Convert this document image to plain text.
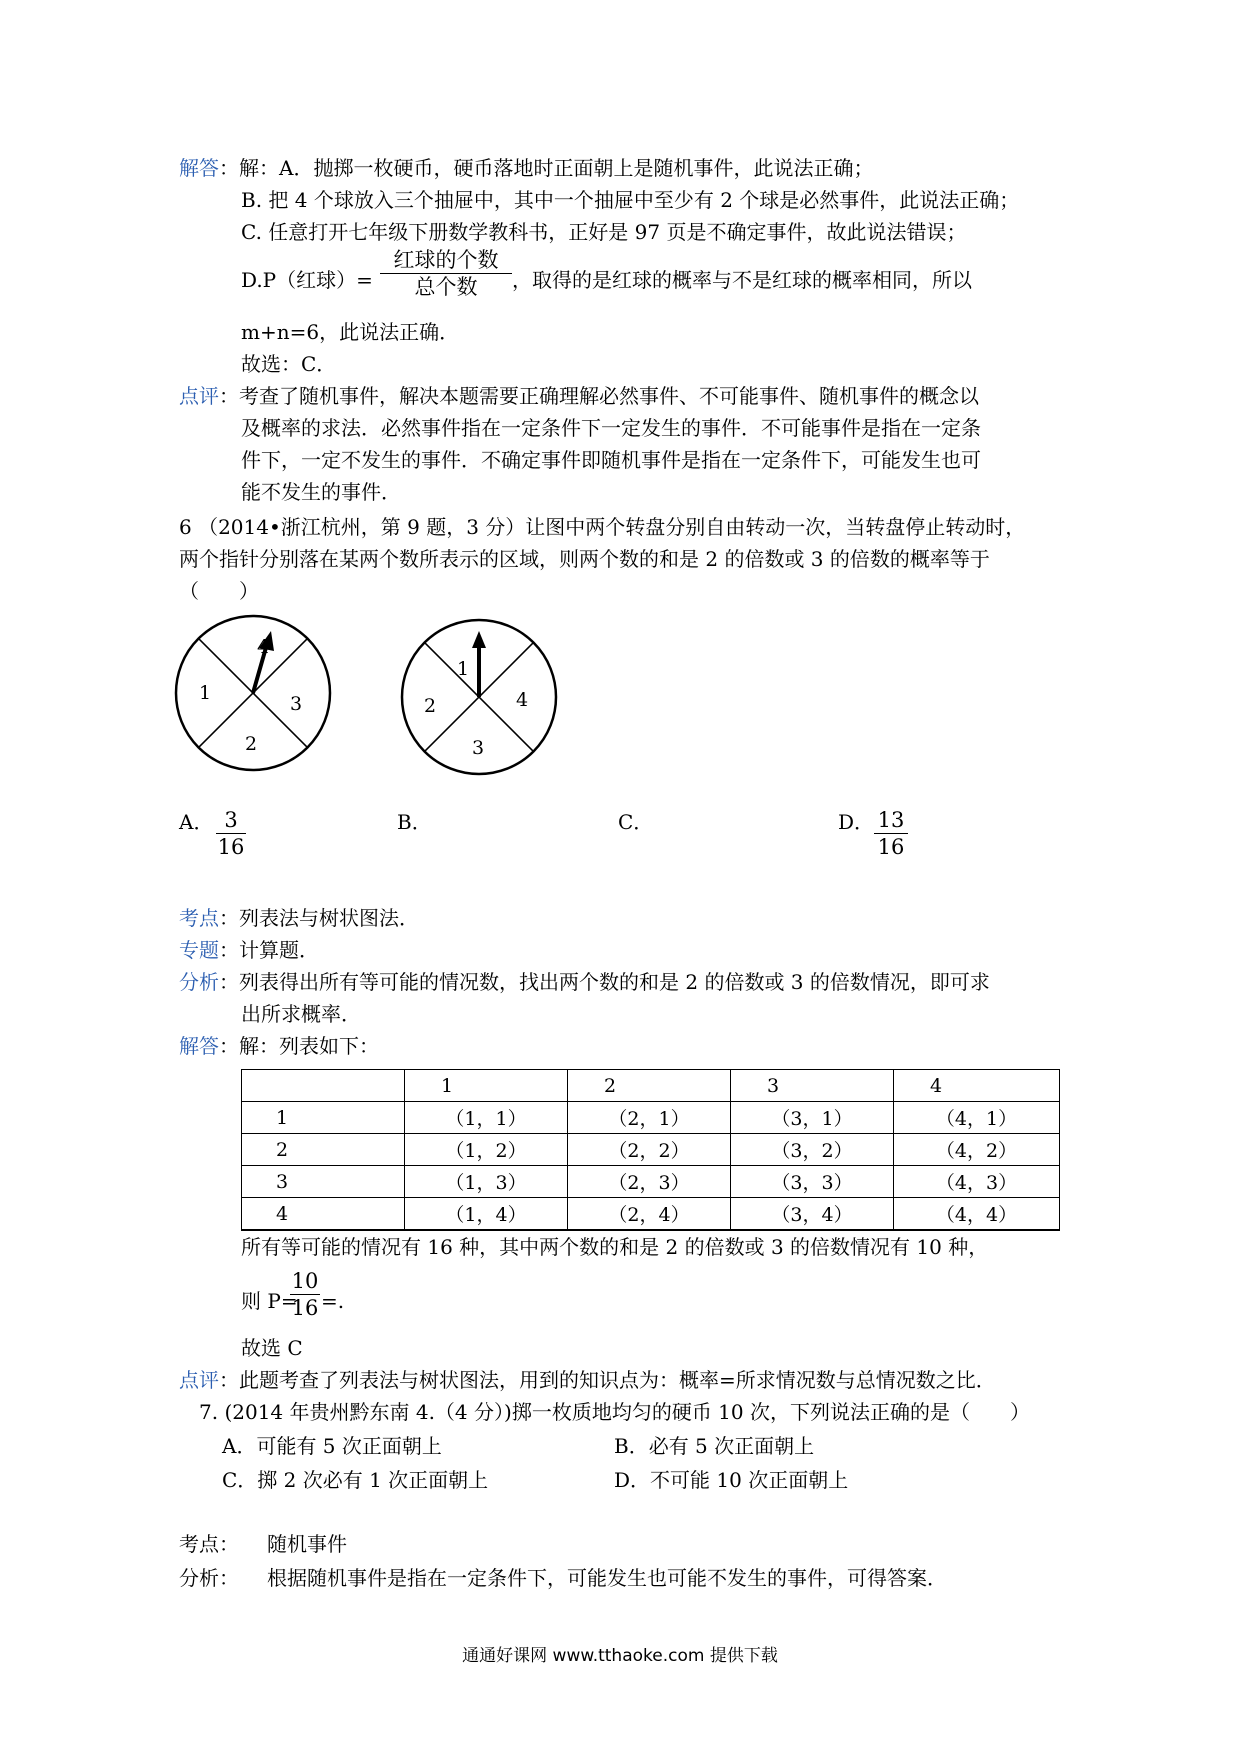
解答：解：A．抛掷一枚硬币，硬币落地时正面朝上是随机事件，此说法正确；
B. 把 4 个球放入三个抽屉中，其中一个抽屉中至少有 2 个球是必然事件，此说法正确；
C. 任意打开七年级下册数学教科书，正好是 97 页是不确定事件，故此说法错误；
D.P（红球）=
红球的个数
总个数	，取得的是红球的概率与不是红球的概率相同，所以
m+n=6，此说法正确．
故选：C．
点评：考查了随机事件，解决本题需要正确理解必然事件、不可能事件、随机事件的概念以
及概率的求法．必然事件指在一定条件下一定发生的事件．不可能事件是指在一定条
件下，一定不发生的事件．不确定事件即随机事件是指在一定条件下，可能发生也可
能不发生的事件．
6 （2014•浙江杭州，第 9 题，3 分）让图中两个转盘分别自由转动一次，当转盘停止转动时，
两个指针分别落在某两个数所表示的区域，则两个数的和是 2 的倍数或 3 的倍数的概率等于
（　　）
4
1	3
2
1
2	4
3
A． 3
16
B．	C．	D． 13
16
考点：列表法与树状图法．
专题：计算题．
分析：列表得出所有等可能的情况数，找出两个数的和是 2 的倍数或 3 的倍数情况，即可求
出所求概率．
解答：解：列表如下：
	1	2	3	4
1	（1，1）	（2，1）	（3，1）	（4，1）
2	（1，2）	（2，2）	（3，2）	（4，2）
3	（1，3）	（2，3）	（3，3）	（4，3）
4	（1，4）	（2，4）	（3，4）	（4，4）
所有等可能的情况有 16 种，其中两个数的和是 2 的倍数或 3 的倍数情况有 10 种，
则 P=
10
16 =.
故选 C
点评：此题考查了列表法与树状图法，用到的知识点为：概率=所求情况数与总情况数之比．
7. (2014 年贵州黔东南 4.（4 分）)掷一枚质地均匀的硬币 10 次，下列说法正确的是（　　）
A．可能有 5 次正面朝上	B．必有 5 次正面朝上
C．掷 2 次必有 1 次正面朝上	D．不可能 10 次正面朝上
考点： 随机事件
分析： 根据随机事件是指在一定条件下，可能发生也可能不发生的事件，可得答案．
通通好课网 www.tthaoke.com 提供下载
